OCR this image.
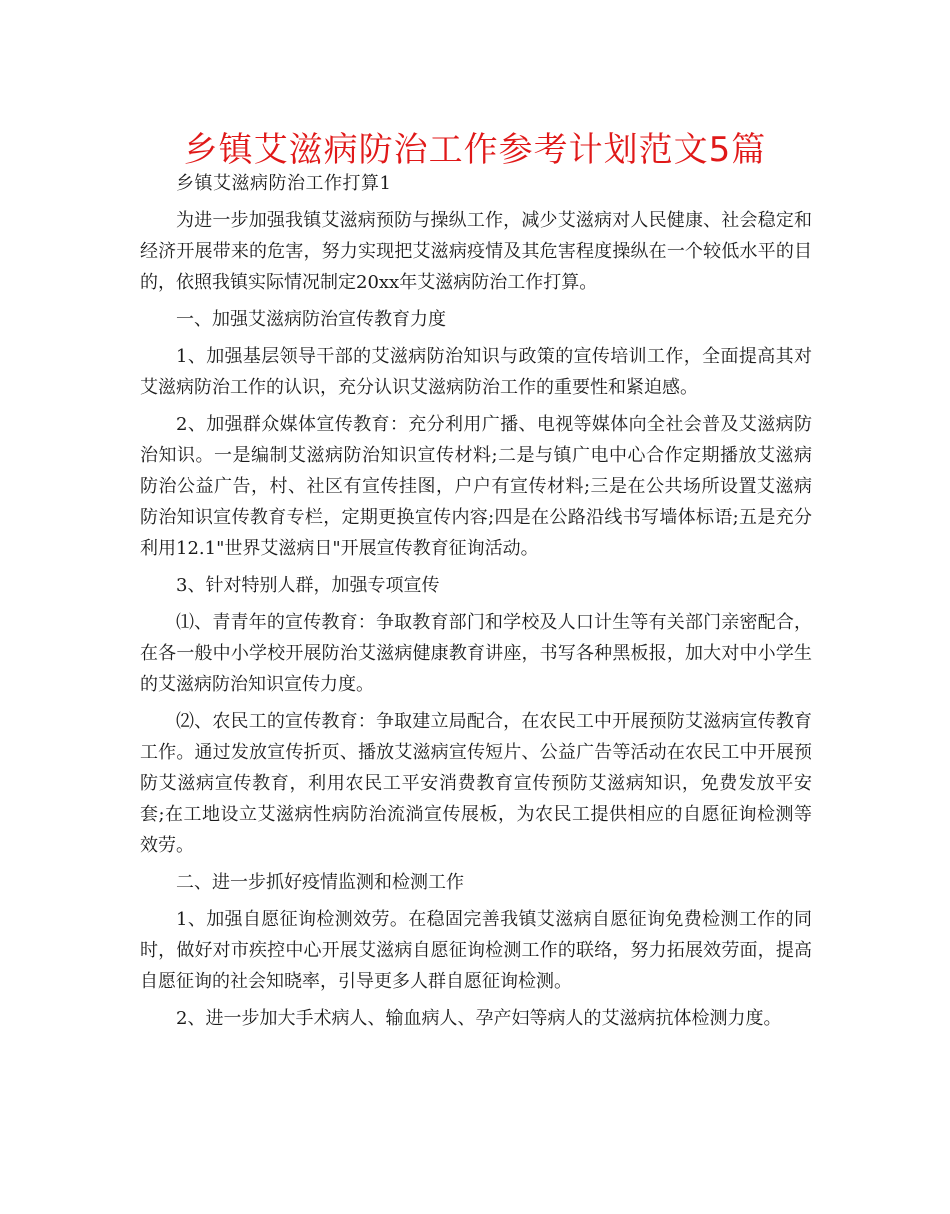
乡镇艾滋病防治工作参考计划范文5篇
乡镇艾滋病防治工作打算1

为进一步加强我镇艾滋病预防与操纵工作，减少艾滋病对人民健康、社会稳定和经济开展带来的危害，努力实现把艾滋病疫情及其危害程度操纵在一个较低水平的目的，依照我镇实际情况制定20xx年艾滋病防治工作打算。

一、加强艾滋病防治宣传教育力度

1、加强基层领导干部的艾滋病防治知识与政策的宣传培训工作，全面提高其对艾滋病防治工作的认识，充分认识艾滋病防治工作的重要性和紧迫感。

2、加强群众媒体宣传教育：充分利用广播、电视等媒体向全社会普及艾滋病防治知识。一是编制艾滋病防治知识宣传材料;二是与镇广电中心合作定期播放艾滋病防治公益广告，村、社区有宣传挂图，户户有宣传材料;三是在公共场所设置艾滋病防治知识宣传教育专栏，定期更换宣传内容;四是在公路沿线书写墙体标语;五是充分利用12.1"世界艾滋病日"开展宣传教育征询活动。

3、针对特别人群，加强专项宣传

⑴、青青年的宣传教育：争取教育部门和学校及人口计生等有关部门亲密配合，在各一般中小学校开展防治艾滋病健康教育讲座，书写各种黑板报，加大对中小学生的艾滋病防治知识宣传力度。

⑵、农民工的宣传教育：争取建立局配合，在农民工中开展预防艾滋病宣传教育工作。通过发放宣传折页、播放艾滋病宣传短片、公益广告等活动在农民工中开展预防艾滋病宣传教育，利用农民工平安消费教育宣传预防艾滋病知识，免费发放平安套;在工地设立艾滋病性病防治流淌宣传展板，为农民工提供相应的自愿征询检测等效劳。

二、进一步抓好疫情监测和检测工作

1、加强自愿征询检测效劳。在稳固完善我镇艾滋病自愿征询免费检测工作的同时，做好对市疾控中心开展艾滋病自愿征询检测工作的联络，努力拓展效劳面，提高自愿征询的社会知晓率，引导更多人群自愿征询检测。

2、进一步加大手术病人、输血病人、孕产妇等病人的艾滋病抗体检测力度。
